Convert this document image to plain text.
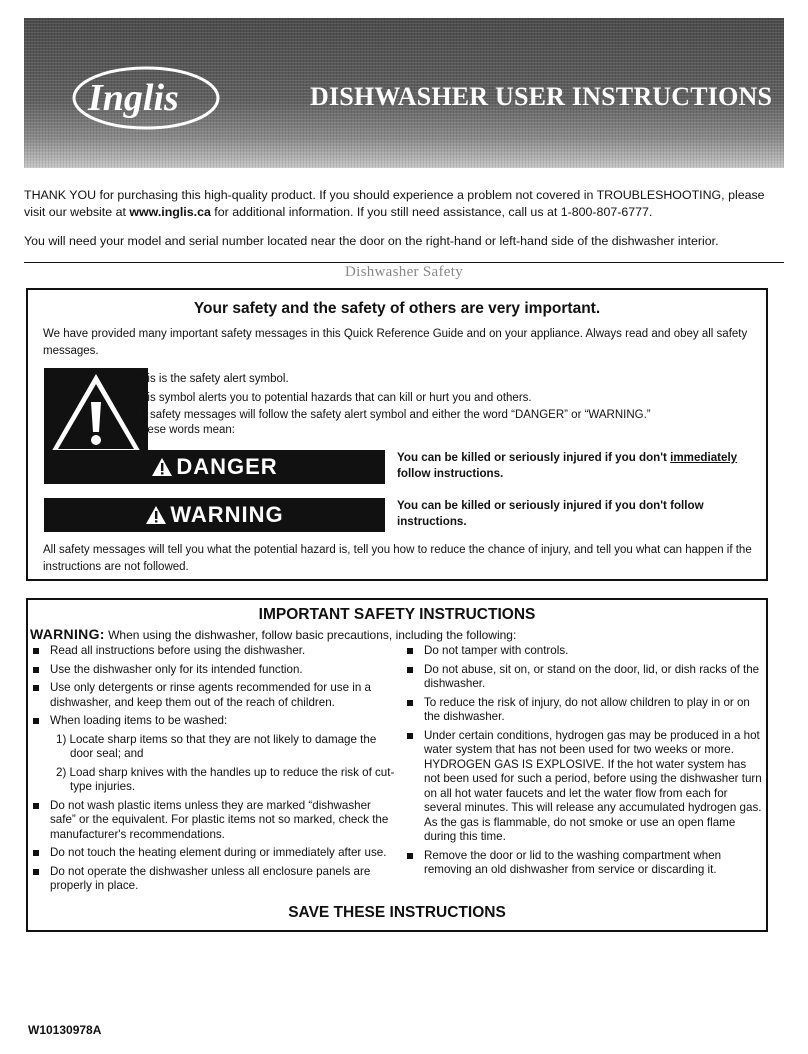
Inglis	DISHWASHER USER INSTRUCTIONS
THANK YOU for purchasing this high-quality product. If you should experience a problem not covered in TROUBLESHOOTING, please visit our website at www.inglis.ca for additional information. If you still need assistance, call us at 1-800-807-6777.
You will need your model and serial number located near the door on the right-hand or left-hand side of the dishwasher interior.
Dishwasher Safety
Your safety and the safety of others are very important.
We have provided many important safety messages in this Quick Reference Guide and on your appliance. Always read and obey all safety messages.
This is the safety alert symbol.
This symbol alerts you to potential hazards that can kill or hurt you and others.
All safety messages will follow the safety alert symbol and either the word “DANGER” or “WARNING.”
These words mean:
DANGER	You can be killed or seriously injured if you don't immediately follow instructions.
WARNING	You can be killed or seriously injured if you don't follow instructions.
All safety messages will tell you what the potential hazard is, tell you how to reduce the chance of injury, and tell you what can happen if the instructions are not followed.
IMPORTANT SAFETY INSTRUCTIONS
WARNING: When using the dishwasher, follow basic precautions, including the following:
Read all instructions before using the dishwasher.
Use the dishwasher only for its intended function.
Use only detergents or rinse agents recommended for use in a dishwasher, and keep them out of the reach of children.
When loading items to be washed:
1) Locate sharp items so that they are not likely to damage the door seal; and
2) Load sharp knives with the handles up to reduce the risk of cut-type injuries.
Do not wash plastic items unless they are marked “dishwasher safe” or the equivalent. For plastic items not so marked, check the manufacturer's recommendations.
Do not touch the heating element during or immediately after use.
Do not operate the dishwasher unless all enclosure panels are properly in place.
Do not tamper with controls.
Do not abuse, sit on, or stand on the door, lid, or dish racks of the dishwasher.
To reduce the risk of injury, do not allow children to play in or on the dishwasher.
Under certain conditions, hydrogen gas may be produced in a hot water system that has not been used for two weeks or more. HYDROGEN GAS IS EXPLOSIVE. If the hot water system has not been used for such a period, before using the dishwasher turn on all hot water faucets and let the water flow from each for several minutes. This will release any accumulated hydrogen gas. As the gas is flammable, do not smoke or use an open flame during this time.
Remove the door or lid to the washing compartment when removing an old dishwasher from service or discarding it.
SAVE THESE INSTRUCTIONS
W10130978A
